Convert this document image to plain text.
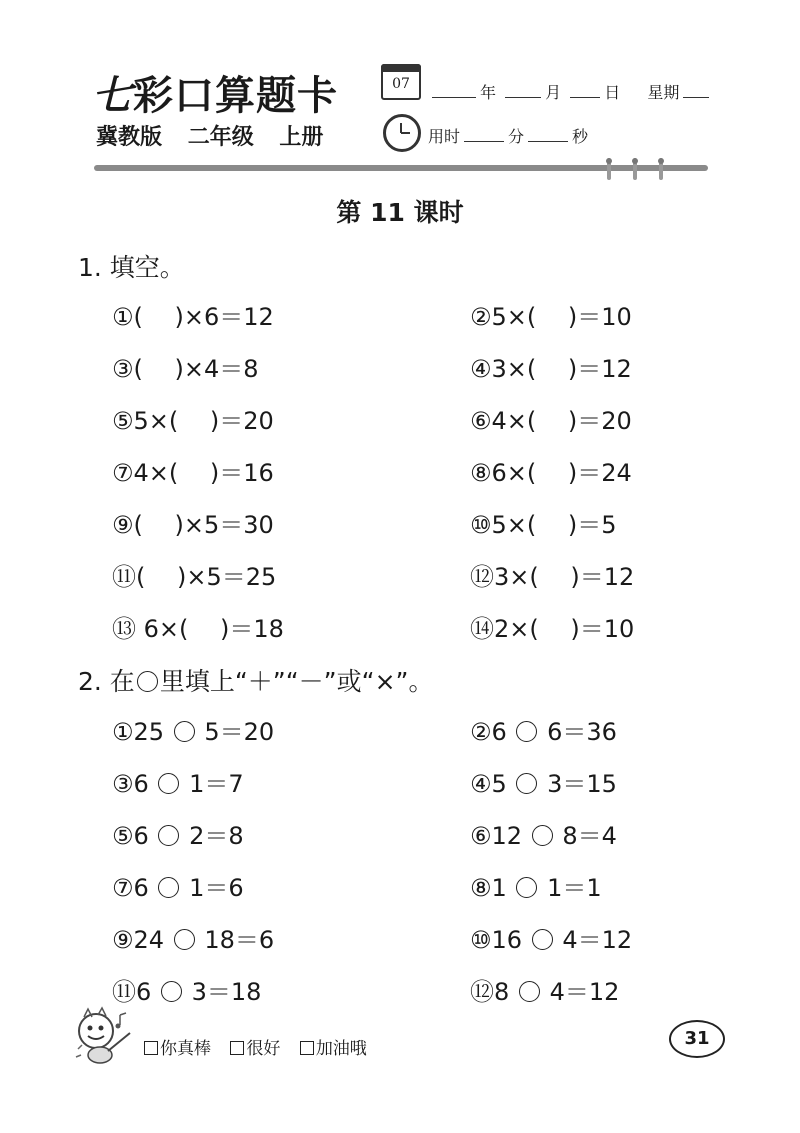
七彩口算题卡
冀教版 二年级 上册
07	年	月	日 星期
用时	分	秒
第 11 课时
1. 填空。
①(　 )×6＝12	②5×(　 )＝10
③(　 )×4＝8	④3×(　 )＝12
⑤5×(　 )＝20	⑥4×(　 )＝20
⑦4×(　 )＝16	⑧6×(　 )＝24
⑨(　 )×5＝30	⑩5×(　 )＝5
⑪(　 )×5＝25	⑫3×(　 )＝12
⑬ 6×(　 )＝18	⑭2×(　 )＝10
2. 在 里填上“＋”“－”或“×”。
①25 5＝20	②6 6＝36
③6 1＝7	④5 3＝15
⑤6 2＝8	⑥12 8＝4
⑦6 1＝6	⑧1 1＝1
⑨24 18＝6	⑩16 4＝12
⑪6 3＝18	⑫8 4＝12
你真棒 很好 加油哦	31
